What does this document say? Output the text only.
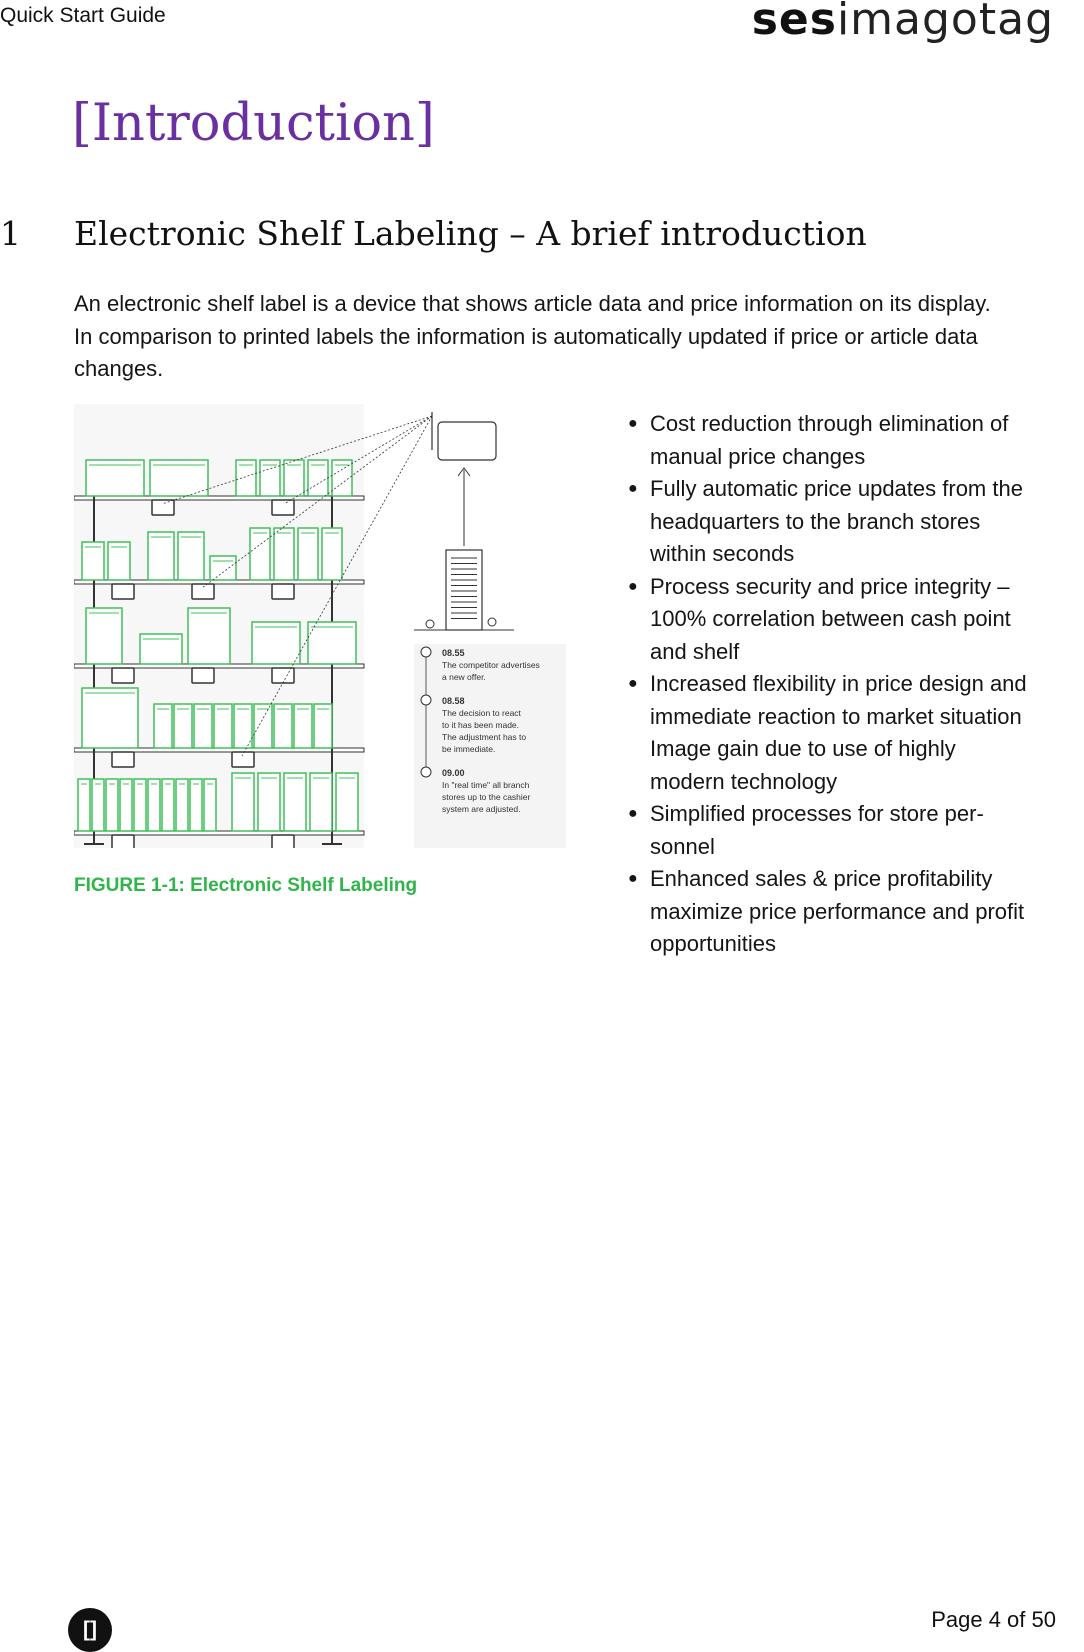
Quick Start Guide	sesimagotag
[Introduction]
1 Electronic Shelf Labeling – A brief introduction

An electronic shelf label is a device that shows article data and price information on its display. In comparison to printed labels the information is automatically updated if price or article data changes.

08.55
The competitor advertises
a new offer.
08.58
The decision to react
to it has been made.
The adjustment has to
be immediate.
09.00
In "real time" all branch
stores up to the cashier
system are adjusted.
FIGURE 1-1: Electronic Shelf Labeling
● Cost reduction through elimination of manual price changes
● Fully automatic price updates from the headquarters to the branch stores within seconds
● Process security and price integrity – 100% correlation between cash point and shelf
● Increased flexibility in price design and immediate reaction to market situation Image gain due to use of highly modern technology
● Simplified processes for store per-sonnel
● Enhanced sales & price profitability maximize price performance and profit opportunities
[]	Page 4 of 50
